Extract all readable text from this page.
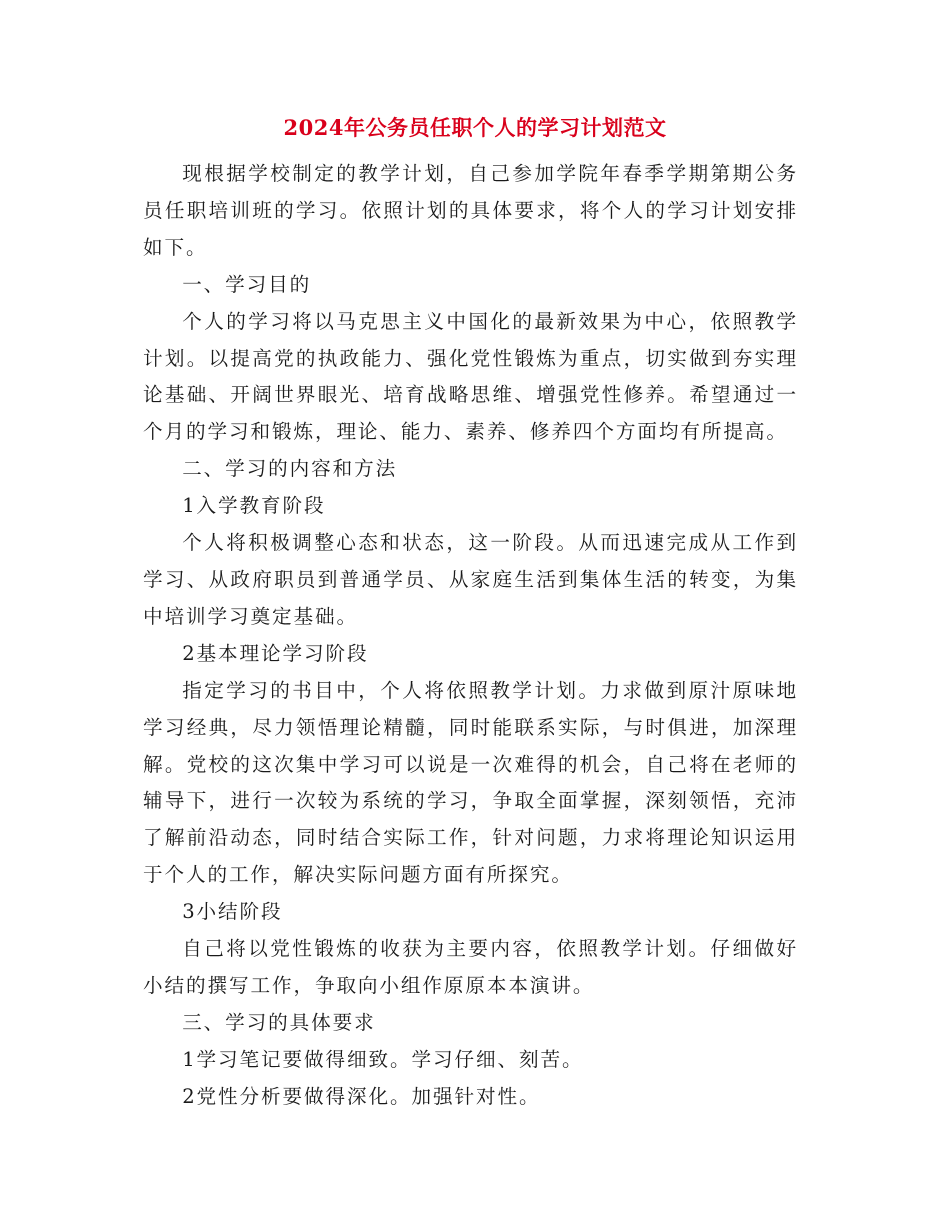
2024年公务员任职个人的学习计划范文

现根据学校制定的教学计划，自己参加学院年春季学期第期公务员任职培训班的学习。依照计划的具体要求，将个人的学习计划安排如下。

一、学习目的

个人的学习将以马克思主义中国化的最新效果为中心，依照教学计划。以提高党的执政能力、强化党性锻炼为重点，切实做到夯实理论基础、开阔世界眼光、培育战略思维、增强党性修养。希望通过一个月的学习和锻炼，理论、能力、素养、修养四个方面均有所提高。

二、学习的内容和方法

1入学教育阶段

个人将积极调整心态和状态，这一阶段。从而迅速完成从工作到学习、从政府职员到普通学员、从家庭生活到集体生活的转变，为集中培训学习奠定基础。

2基本理论学习阶段

指定学习的书目中，个人将依照教学计划。力求做到原汁原味地学习经典，尽力领悟理论精髓，同时能联系实际，与时俱进，加深理解。党校的这次集中学习可以说是一次难得的机会，自己将在老师的辅导下，进行一次较为系统的学习，争取全面掌握，深刻领悟，充沛了解前沿动态，同时结合实际工作，针对问题，力求将理论知识运用于个人的工作，解决实际问题方面有所探究。

3小结阶段

自己将以党性锻炼的收获为主要内容，依照教学计划。仔细做好小结的撰写工作，争取向小组作原原本本演讲。

三、学习的具体要求

1学习笔记要做得细致。学习仔细、刻苦。

2党性分析要做得深化。加强针对性。
